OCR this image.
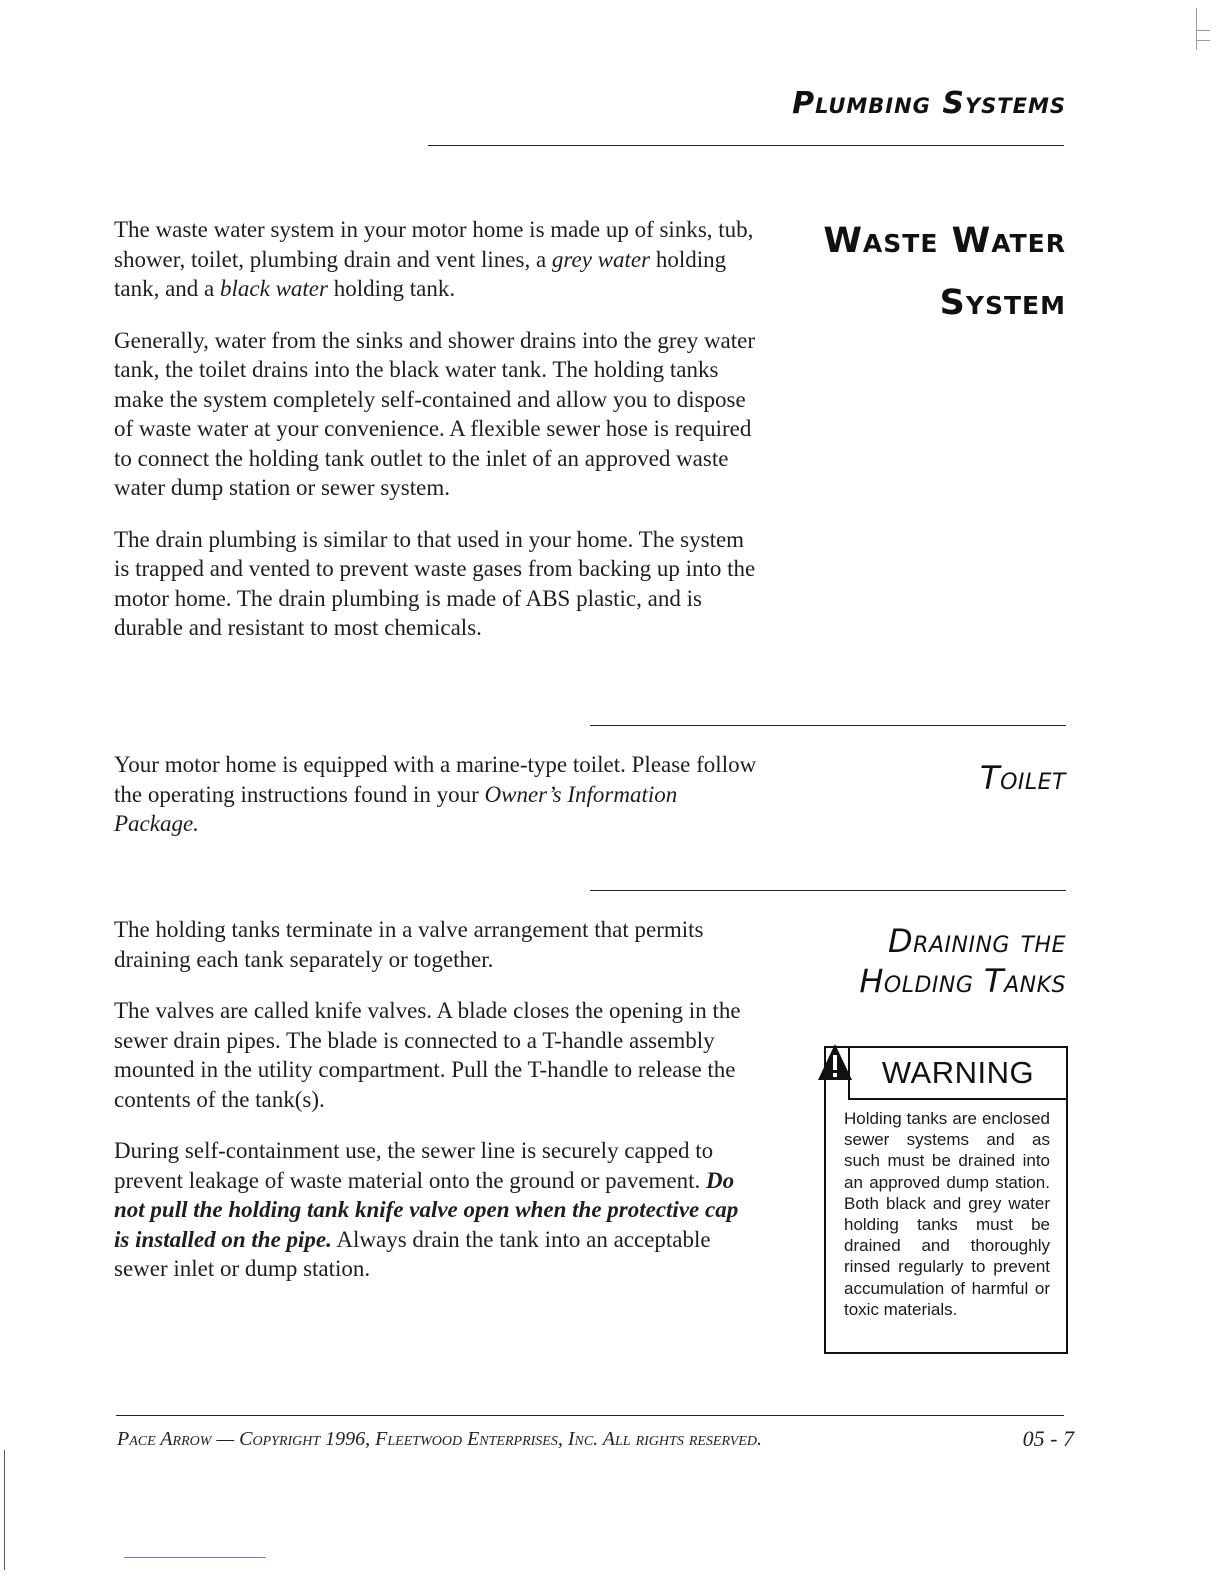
Plumbing Systems
Waste Water
System

The waste water system in your motor home is made up of sinks, tub, shower, toilet, plumbing drain and vent lines, a grey water holding tank, and a black water holding tank.

Generally, water from the sinks and shower drains into the grey water tank, the toilet drains into the black water tank. The holding tanks make the system completely self-contained and allow you to dispose of waste water at your convenience. A flexible sewer hose is required to connect the holding tank outlet to the inlet of an approved waste water dump station or sewer system.

The drain plumbing is similar to that used in your home. The system is trapped and vented to prevent waste gases from backing up into the motor home. The drain plumbing is made of ABS plastic, and is durable and resistant to most chemicals.

Toilet

Your motor home is equipped with a marine-type toilet. Please follow the operating instructions found in your Owner’s Information Package.

Draining the
Holding Tanks

The holding tanks terminate in a valve arrangement that permits draining each tank separately or together.

The valves are called knife valves. A blade closes the opening in the sewer drain pipes. The blade is connected to a T-handle assembly mounted in the utility compartment. Pull the T-handle to release the contents of the tank(s).

During self-containment use, the sewer line is securely capped to prevent leakage of waste material onto the ground or pavement. Do not pull the holding tank knife valve open when the protective cap is installed on the pipe. Always drain the tank into an acceptable sewer inlet or dump station.

WARNING
Holding tanks are enclosed sewer systems and as such must be drained into an approved dump station. Both black and grey water holding tanks must be drained and thoroughly rinsed regularly to prevent accumulation of harmful or toxic materials.
Pace Arrow — Copyright 1996, Fleetwood Enterprises, Inc. All rights reserved.	05 - 7
